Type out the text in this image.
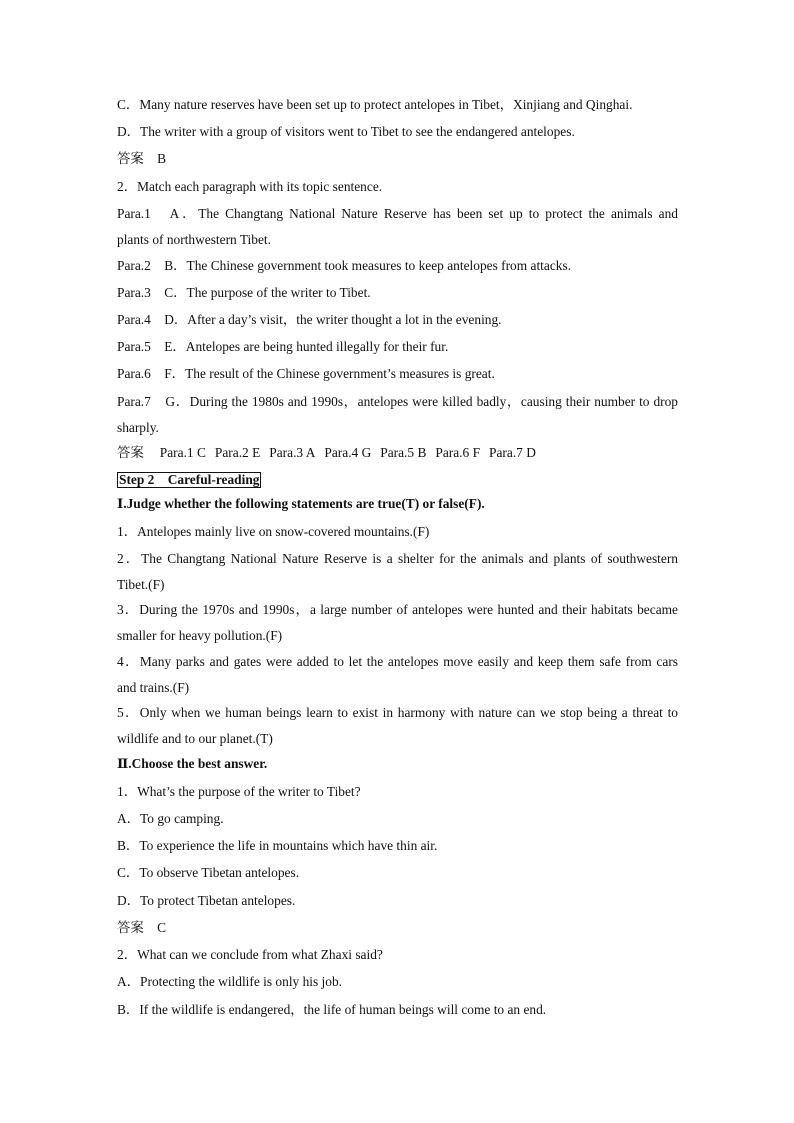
C．Many nature reserves have been set up to protect antelopes in Tibet，Xinjiang and Qinghai.
D．The writer with a group of visitors went to Tibet to see the endangered antelopes.
答案　B
2．Match each paragraph with its topic sentence.
Para.1　A．The Changtang National Nature Reserve has been set up to protect the animals and
plants of northwestern Tibet.
Para.2　B．The Chinese government took measures to keep antelopes from attacks.
Para.3　C．The purpose of the writer to Tibet.
Para.4　D．After a day’s visit，the writer thought a lot in the evening.
Para.5　E．Antelopes are being hunted illegally for their fur.
Para.6　F．The result of the Chinese government’s measures is great.
Para.7　G．During the 1980s and 1990s，antelopes were killed badly，causing their number to drop
sharply.
答案 Para.1 C Para.2 E Para.3 A Para.4 G Para.5 B Para.6 F Para.7 D
Step 2　Careful-reading
Ⅰ.Judge whether the following statements are true(T) or false(F).
1．Antelopes mainly live on snow-covered mountains.(F)
2．The Changtang National Nature Reserve is a shelter for the animals and plants of southwestern
Tibet.(F)
3．During the 1970s and 1990s，a large number of antelopes were hunted and their habitats became
smaller for heavy pollution.(F)
4．Many parks and gates were added to let the antelopes move easily and keep them safe from cars
and trains.(F)
5．Only when we human beings learn to exist in harmony with nature can we stop being a threat to
wildlife and to our planet.(T)
Ⅱ.Choose the best answer.
1．What’s the purpose of the writer to Tibet?
A．To go camping.
B．To experience the life in mountains which have thin air.
C．To observe Tibetan antelopes.
D．To protect Tibetan antelopes.
答案　C
2．What can we conclude from what Zhaxi said?
A．Protecting the wildlife is only his job.
B．If the wildlife is endangered，the life of human beings will come to an end.
